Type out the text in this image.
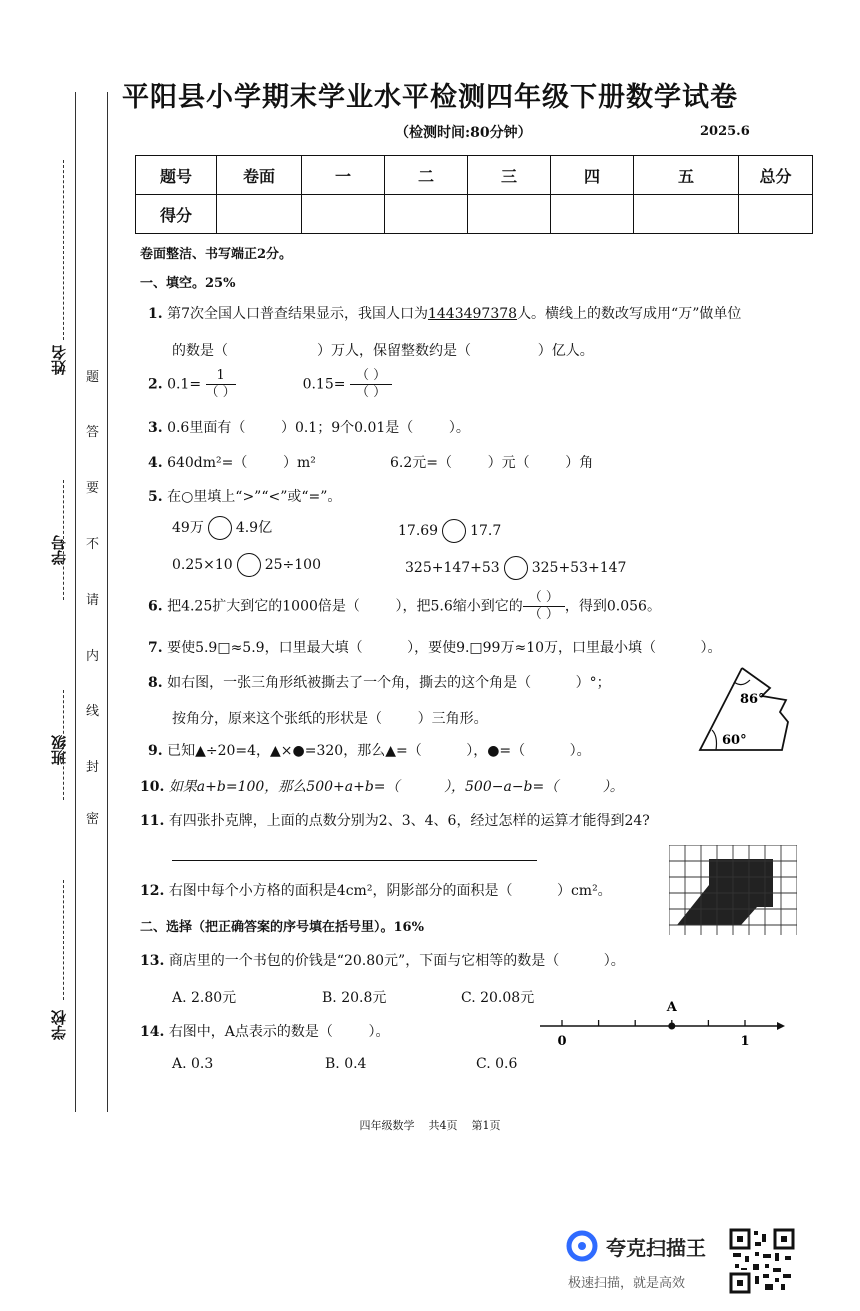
学校
班级
学号
姓名
密
封
线
内
请
不
要
答
题
平阳县小学期末学业水平检测四年级下册数学试卷
（检测时间:80分钟）	2025.6
题号	卷面	一	二	三	四	五	总分
得分							
卷面整洁、书写端正2分。
一、填空。25%
1. 第7次全国人口普查结果显示，我国人口为1443497378人。横线上的数改写成用“万”做单位
的数是（                    ）万人，保留整数约是（               ）亿人。
2. $0.1= \frac{1}{( )}$	$0.15= \frac{( )}{( )}$
3. 0.6里面有（        ）0.1；9个0.01是（        ）。
4. 640dm²=（        ）m²	6.2元=（        ）元（        ）角
5. 在○里填上“>”“<”或“=”。
49万 4.9亿	17.69 17.7
0.25×10 25÷100	325+147+53 325+53+147
6. 把4.25扩大到它的1000倍是（        ），把5.6缩小到它的 $\frac{( )}{( )}$ ，得到0.056。
7. 要使5.9□≈5.9，口里最大填（          ），要使9.□99万≈10万，口里最小填（          ）。
8. 如右图，一张三角形纸被撕去了一个角，撕去的这个角是（          ）°；
按角分，原来这个张纸的形状是（        ）三角形。
86°
60°
9. 已知▲÷20=4，▲×●=320，那么▲=（          ），●=（          ）。
10. 如果a+b=100，那么500+a+b=（          ），500−a−b=（          ）。
11. 有四张扑克牌，上面的点数分别为2、3、4、6，经过怎样的运算才能得到24?
12. 右图中每个小方格的面积是4cm²，阴影部分的面积是（          ）cm²。
二、选择（把正确答案的序号填在括号里）。16%
13. 商店里的一个书包的价钱是“20.80元”，下面与它相等的数是（          ）。
A. 2.80元	B. 20.8元	C. 20.08元
14. 右图中，A点表示的数是（        ）。
A. 0.3	B. 0.4	C. 0.6
A
0	1
四年级数学    共4页    第1页
夸克扫描王
极速扫描，就是高效
